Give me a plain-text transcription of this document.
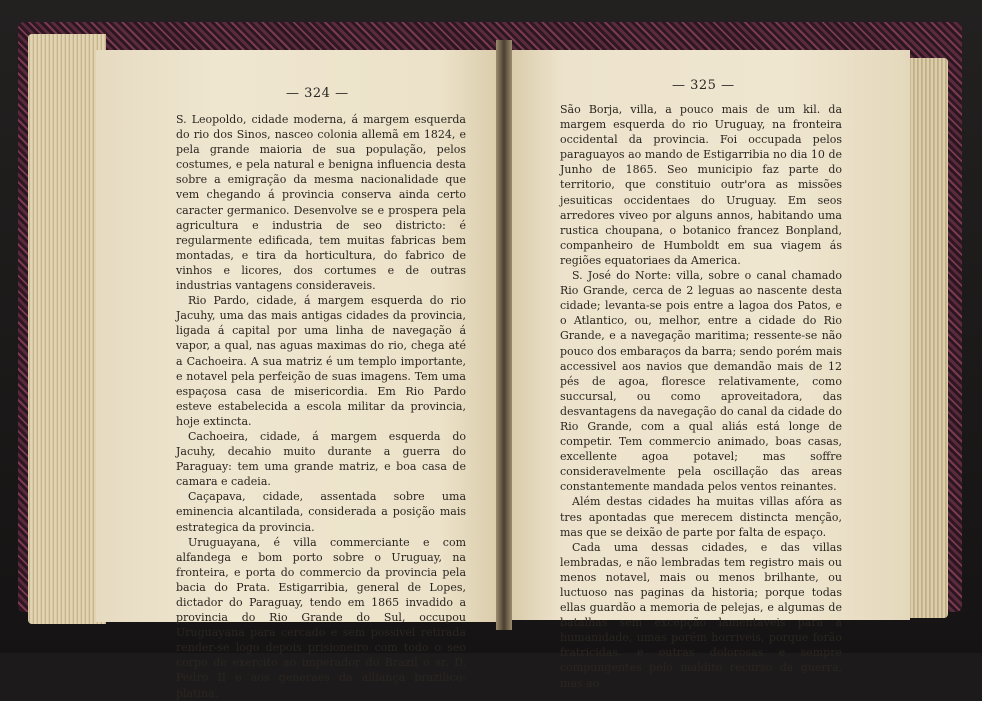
— 324 —
— 325 —

S. Leopoldo, cidade moderna, á margem esquerda do rio dos Sinos, nasceo colonia allemã em 1824, e pela grande maioria de sua população, pelos costumes, e pela natural e benigna influencia desta sobre a emigração da mesma nacionalidade que vem chegando á provincia conserva ainda certo caracter germanico. Desenvolve se e prospera pela agricultura e industria de seo districto: é regularmente edificada, tem muitas fabricas bem montadas, e tira da horticultura, do fabrico de vinhos e licores, dos cortumes e de outras industrias vantagens consideraveis.

Rio Pardo, cidade, á margem esquerda do rio Jacuhy, uma das mais antigas cidades da provincia, ligada á capital por uma linha de navegação á vapor, a qual, nas aguas maximas do rio, chega até a Cachoeira. A sua matriz é um templo importante, e notavel pela perfeição de suas imagens. Tem uma espaçosa casa de misericordia. Em Rio Pardo esteve estabelecida a escola militar da provincia, hoje extincta.

Cachoeira, cidade, á margem esquerda do Jacuhy, decahio muito durante a guerra do Paraguay: tem uma grande matriz, e boa casa de camara e cadeia.

Caçapava, cidade, assentada sobre uma eminencia alcantilada, considerada a posição mais estrategica da provincia.

Uruguayana, é villa commerciante e com alfandega e bom porto sobre o Uruguay, na fronteira, e porta do commercio da provincia pela bacia do Prata. Estigarribia, general de Lopes, dictador do Paraguay, tendo em 1865 invadido a provincia do Rio Grande do Sul, occupou Uruguayana para cercado e sem possivel retirada render-se logo depois prisioneiro com todo o seo corpo de exercito ao imperador do Brazil o sr. D. Pedro II e aos generaes da alliança brazilico-platina.

São Borja, villa, a pouco mais de um kil. da margem esquerda do rio Uruguay, na fronteira occidental da provincia. Foi occupada pelos paraguayos ao mando de Estigarribia no dia 10 de Junho de 1865. Seo municipio faz parte do territorio, que constituio outr'ora as missões jesuiticas occidentaes do Uruguay. Em seos arredores viveo por alguns annos, habitando uma rustica choupana, o botanico francez Bonpland, companheiro de Humboldt em sua viagem ás regiões equatoriaes da America.

S. José do Norte: villa, sobre o canal chamado Rio Grande, cerca de 2 leguas ao nascente desta cidade; levanta-se pois entre a lagoa dos Patos, e o Atlantico, ou, melhor, entre a cidade do Rio Grande, e a navegação maritima; ressente-se não pouco dos embaraços da barra; sendo porém mais accessivel aos navios que demandão mais de 12 pés de agoa, floresce relativamente, como succursal, ou como aproveitadora, das desvantagens da navegação do canal da cidade do Rio Grande, com a qual aliás está longe de competir. Tem commercio animado, boas casas, excellente agoa potavel; mas soffre consideravelmente pela oscillação das areas constantemente mandada pelos ventos reinantes.

Além destas cidades ha muitas villas afóra as tres apontadas que merecem distincta menção, mas que se deixão de parte por falta de espaço.

Cada uma dessas cidades, e das villas lembradas, e não lembradas tem registro mais ou menos notavel, mais ou menos brilhante, ou luctuoso nas paginas da historia; porque todas ellas guardão a memoria de pelejas, e algumas de batalhas sem excepção lamentaveis para a humanidade, umas porém horriveis, porque forão fratricidas, e outras dolorosas e sempre compungentes pelo maldito recurso da guerra, mas ao
